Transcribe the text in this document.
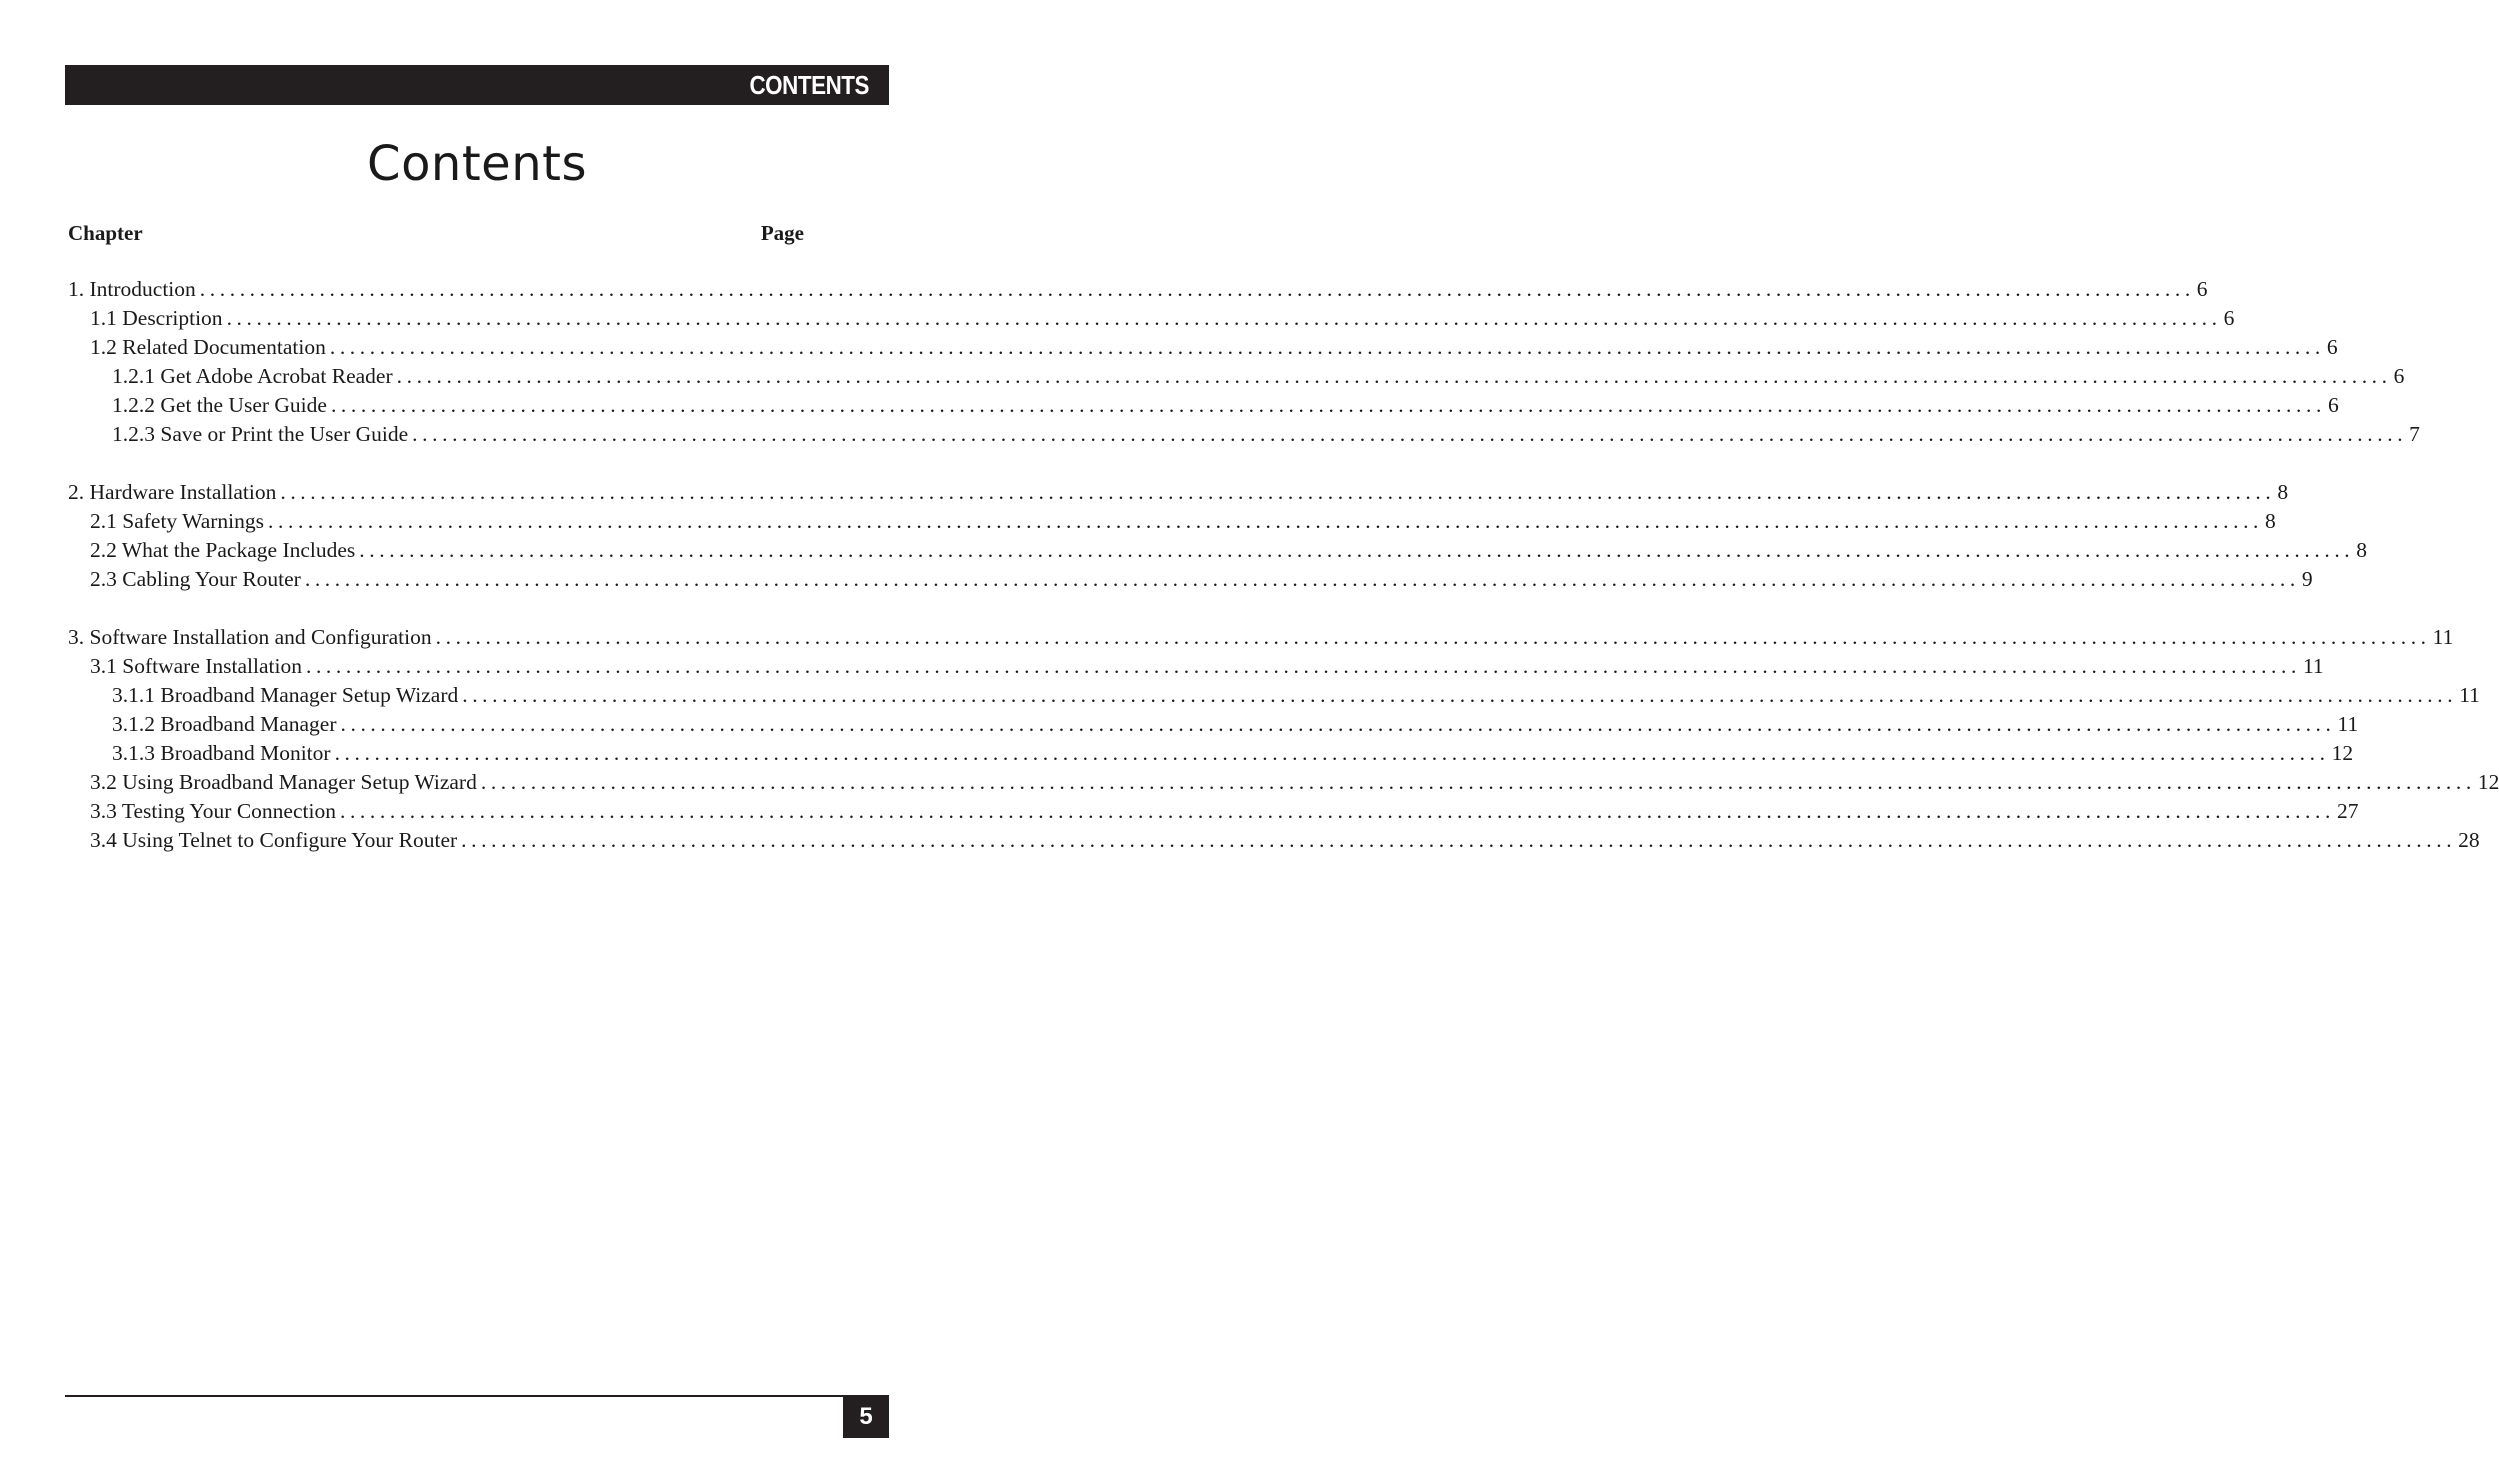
CONTENTS
Contents
Chapter	Page
1. Introduction ........................................................................................................................................................................................................ 6
1.1 Description ........................................................................................................................................................................................................ 6
1.2 Related Documentation ........................................................................................................................................................................................................ 6
1.2.1 Get Adobe Acrobat Reader ........................................................................................................................................................................................................ 6
1.2.2 Get the User Guide ........................................................................................................................................................................................................ 6
1.2.3 Save or Print the User Guide ........................................................................................................................................................................................................ 7
2. Hardware Installation ........................................................................................................................................................................................................ 8
2.1 Safety Warnings ........................................................................................................................................................................................................ 8
2.2 What the Package Includes ........................................................................................................................................................................................................ 8
2.3 Cabling Your Router ........................................................................................................................................................................................................ 9
3. Software Installation and Configuration ........................................................................................................................................................................................................ 11
3.1 Software Installation ........................................................................................................................................................................................................ 11
3.1.1 Broadband Manager Setup Wizard ........................................................................................................................................................................................................ 11
3.1.2 Broadband Manager ........................................................................................................................................................................................................ 11
3.1.3 Broadband Monitor ........................................................................................................................................................................................................ 12
3.2 Using Broadband Manager Setup Wizard ........................................................................................................................................................................................................ 12
3.3 Testing Your Connection ........................................................................................................................................................................................................ 27
3.4 Using Telnet to Configure Your Router ........................................................................................................................................................................................................ 28
5
